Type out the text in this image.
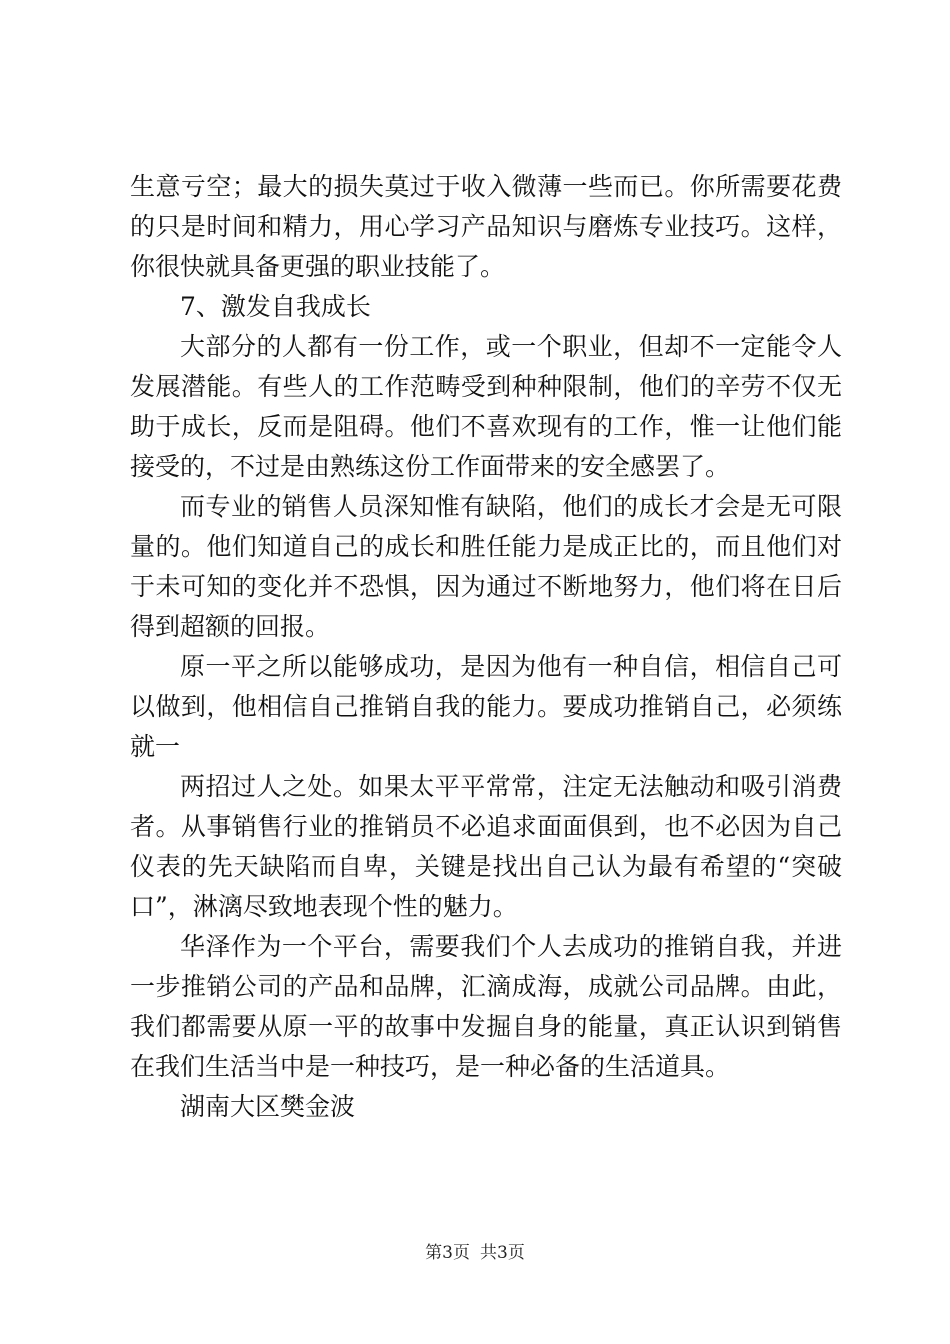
生意亏空；最大的损失莫过于收入微薄一些而已。你所需要花费的只是时间和精力，用心学习产品知识与磨炼专业技巧。这样，你很快就具备更强的职业技能了。

7、激发自我成长

大部分的人都有一份工作，或一个职业，但却不一定能令人发展潜能。有些人的工作范畴受到种种限制，他们的辛劳不仅无助于成长，反而是阻碍。他们不喜欢现有的工作，惟一让他们能接受的，不过是由熟练这份工作面带来的安全感罢了。

而专业的销售人员深知惟有缺陷，他们的成长才会是无可限量的。他们知道自己的成长和胜任能力是成正比的，而且他们对于未可知的变化并不恐惧，因为通过不断地努力，他们将在日后得到超额的回报。

原一平之所以能够成功，是因为他有一种自信，相信自己可以做到，他相信自己推销自我的能力。要成功推销自己，必须练就一

两招过人之处。如果太平平常常，注定无法触动和吸引消费者。从事销售行业的推销员不必追求面面俱到，也不必因为自己仪表的先天缺陷而自卑，关键是找出自己认为最有希望的“突破口”，淋漓尽致地表现个性的魅力。

华泽作为一个平台，需要我们个人去成功的推销自我，并进一步推销公司的产品和品牌，汇滴成海，成就公司品牌。由此，我们都需要从原一平的故事中发掘自身的能量，真正认识到销售在我们生活当中是一种技巧，是一种必备的生活道具。

湖南大区樊金波

第3页 共3页
